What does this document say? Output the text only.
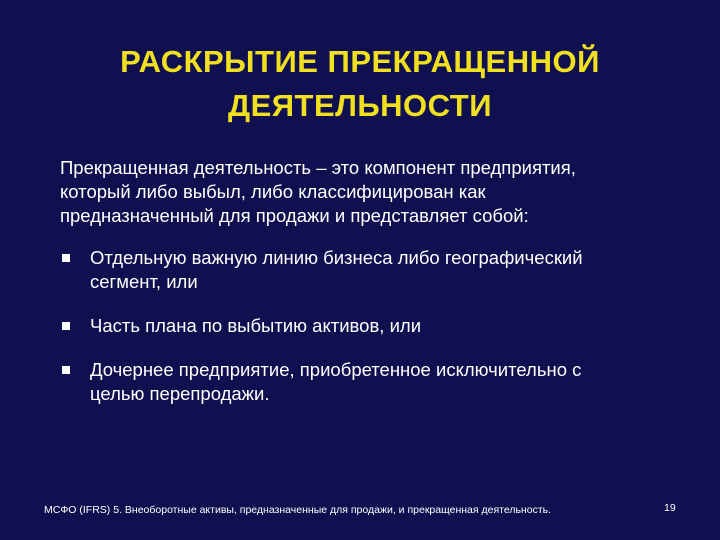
РАСКРЫТИЕ ПРЕКРАЩЕННОЙ
ДЕЯТЕЛЬНОСТИ
Прекращенная деятельность – это компонент предприятия,
который либо выбыл, либо классифицирован как
предназначенный для продажи и представляет собой:
Отдельную важную линию бизнеса либо географический
сегмент, или
Часть плана по выбытию активов, или
Дочернее предприятие, приобретенное исключительно с
целью перепродажи.
МСФО (IFRS) 5. Внеоборотные активы, предназначенные для продажи, и прекращенная деятельность.	19
